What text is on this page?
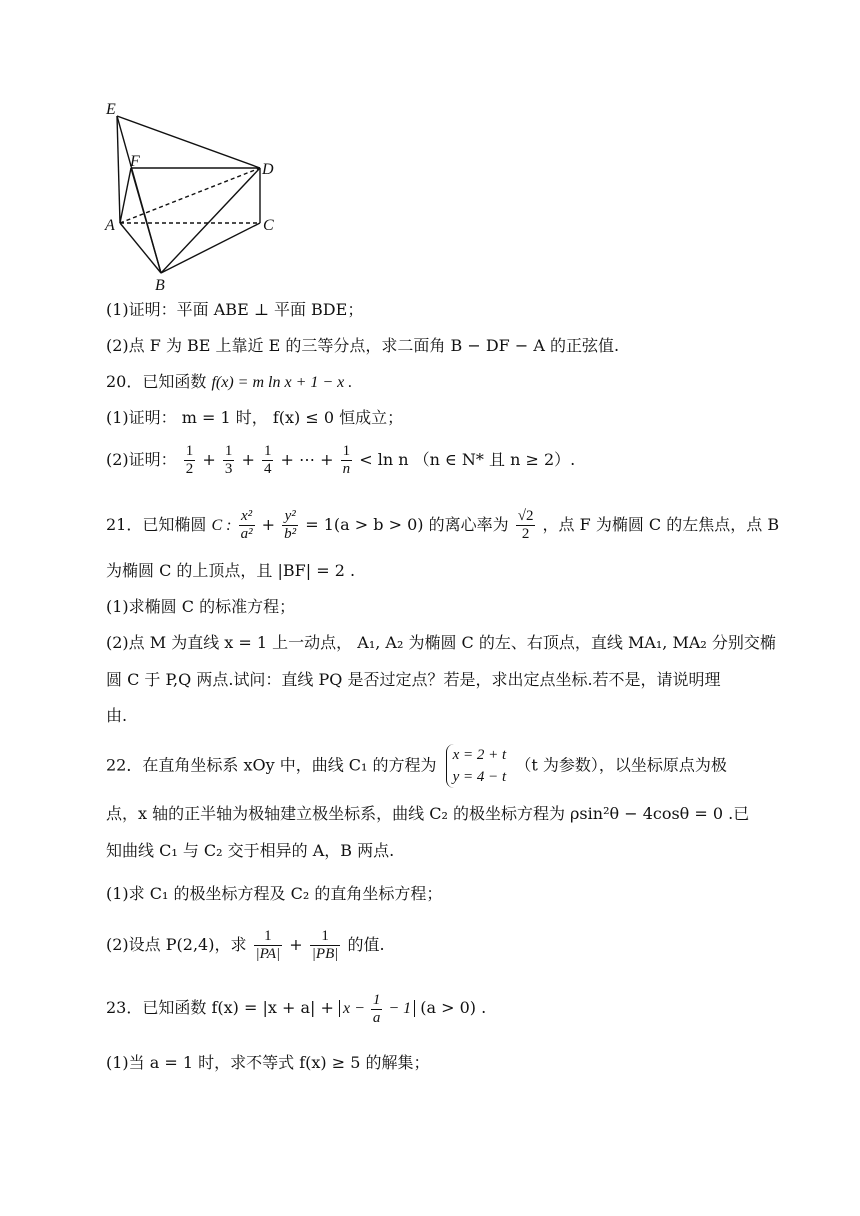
E
F	D
A	C
B
(1)证明：平面 ABE ⊥ 平面 BDE；
(2)点 F 为 BE 上靠近 E 的三等分点，求二面角 B − DF − A 的正弦值.
20．已知函数 f(x) = m ln x + 1 − x .
(1)证明： m = 1 时， f(x) ≤ 0 恒成立；
(2)证明： $\frac{1}{2} + \frac{1}{3} + \frac{1}{4}$ + ⋯ + $\frac{1}{n} < \ln n$ （n ∈ N* 且 n ≥ 2）.
21．已知椭圆 C : $\frac{\text{x²}}{\text{a²}} + \frac{\text{y²}}{\text{b²}} = 1(a > b > 0)$ 的离心率为 $\frac{√2}{2}$ ，点 F 为椭圆 C 的左焦点，点 B
为椭圆 C 的上顶点，且 |BF| = 2 .
(1)求椭圆 C 的标准方程；
(2)点 M 为直线 x = 1 上一动点， A₁, A₂ 为椭圆 C 的左、右顶点，直线 MA₁, MA₂ 分别交椭
圆 C 于 P,Q 两点.试问：直线 PQ 是否过定点？若是，求出定点坐标.若不是，请说明理
由.
22．在直角坐标系 xOy 中，曲线 C₁ 的方程为
x = 2 + t
y = 4 − t
（t 为参数），以坐标原点为极
点，x 轴的正半轴为极轴建立极坐标系，曲线 C₂ 的极坐标方程为 ρsin²θ − 4cosθ = 0 .已
知曲线 C₁ 与 C₂ 交于相异的 A，B 两点.
(1)求 C₁ 的极坐标方程及 C₂ 的直角坐标方程；
(2)设点 P(2,4)，求 $\frac{1}{|PA|} + \frac{1}{|PB|}$ 的值.
23．已知函数 $f(x) = |x + a| + x - \frac{1}{a} - 1$ (a > 0) .
(1)当 a = 1 时，求不等式 f(x) ≥ 5 的解集；
